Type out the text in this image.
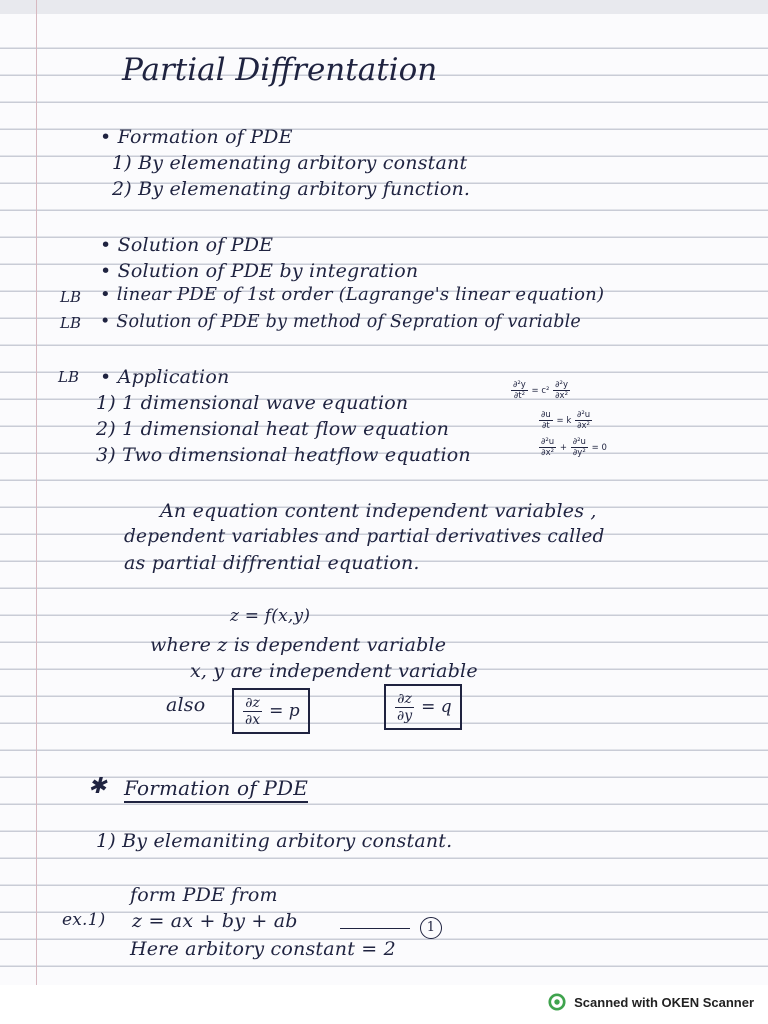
Partial Diffrentation
• Formation of PDE
1) By elemenating arbitory constant
2) By elemenating arbitory function.
• Solution of PDE
• Solution of PDE by integration
LB • linear PDE of 1st order (Lagrange's linear equation)
LB • Solution of PDE by method of Sepration of variable
LB • Application
1) 1 dimensional wave equation
2) 1 dimensional heat flow equation
3) Two dimensional heatflow equation
$\frac{\text{∂²y}}{\text{∂t²}} = c^2 \frac{\text{∂²y}}{\text{∂x²}}$
$\frac{\partial u}{\partial t} = k \frac{\text{∂²u}}{\text{∂x²}}$
$\frac{\text{∂²u}}{\text{∂x²}} + \frac{\text{∂²u}}{\text{∂y²}} = 0$
An equation content independent variables ,
dependent variables and partial derivatives called
as partial diffrential equation.
z = f(x,y)
where z is dependent variable
x, y are independent variable
also	$\frac{\partial z}{\partial x} = p$	$\frac{\partial z}{\partial y} = q$
✱ Formation of PDE
1) By elemaniting arbitory constant.
form PDE from
ex.1) z = ax + by + ab	1
Here arbitory constant = 2
Scanned with OKEN Scanner
